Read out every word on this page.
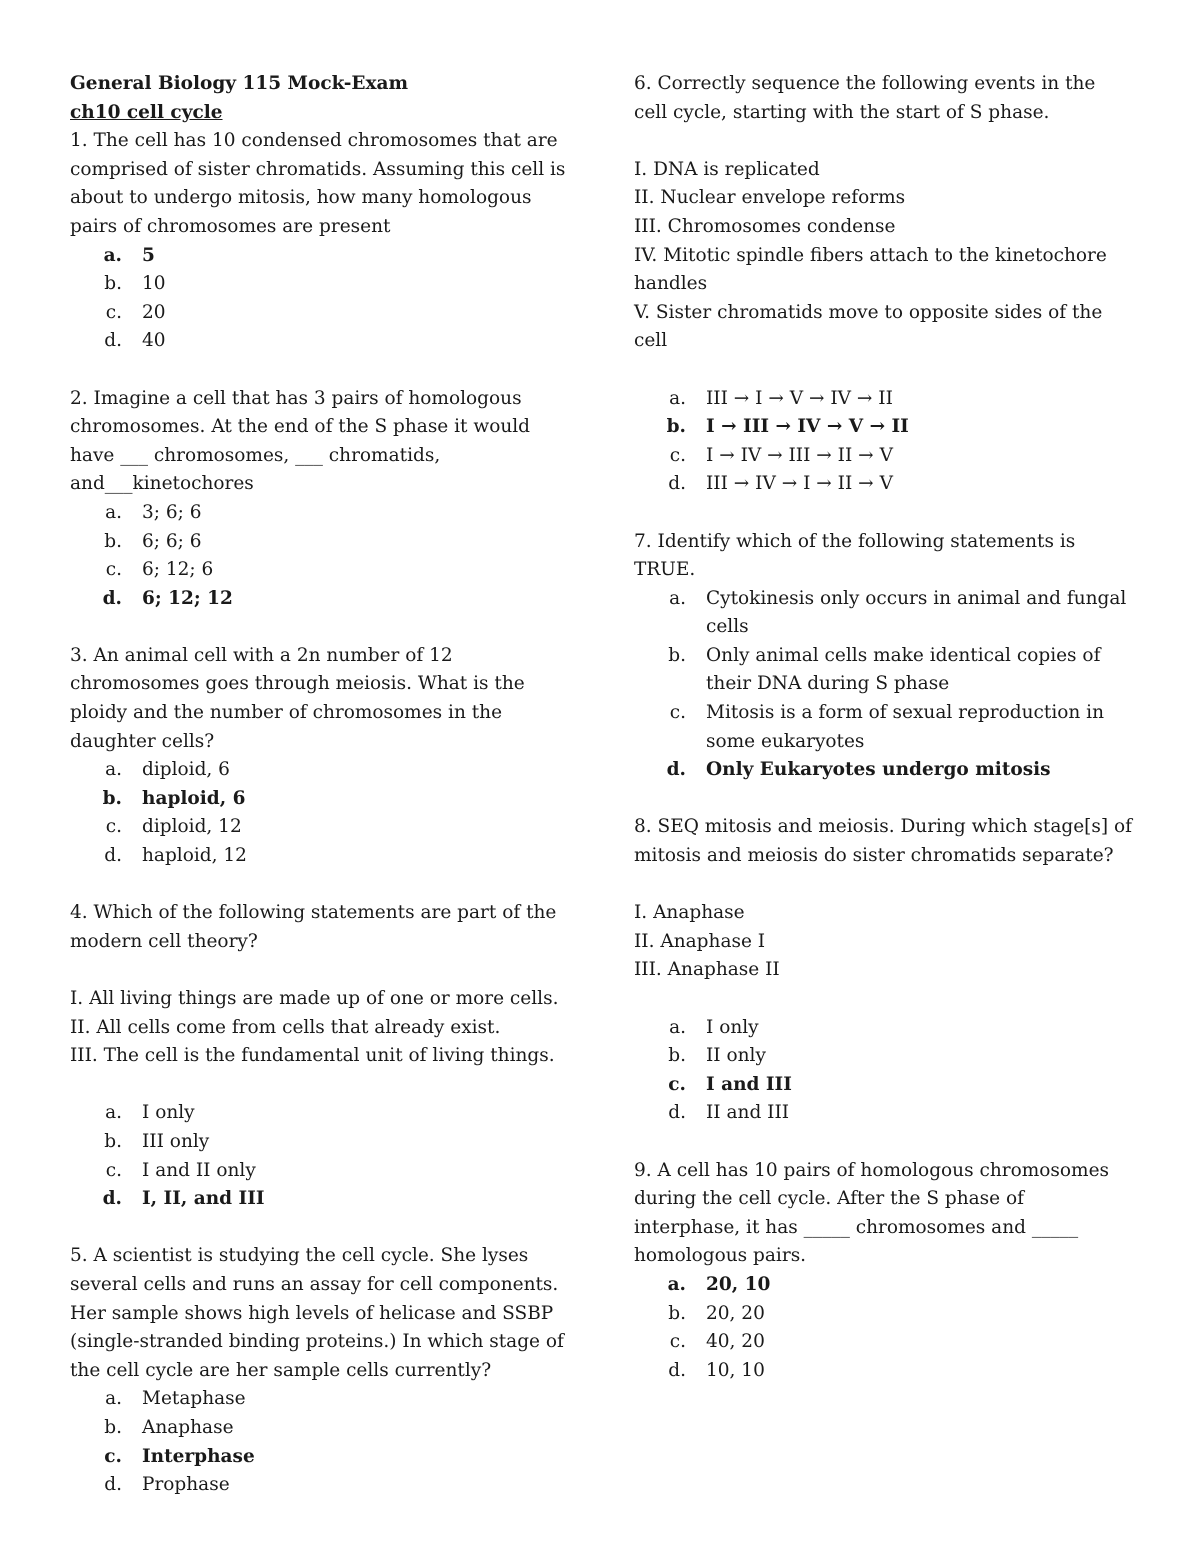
General Biology 115 Mock-Exam
ch10 cell cycle
1. The cell has 10 condensed chromosomes that are comprised of sister chromatids. Assuming this cell is about to undergo mitosis, how many homologous pairs of chromosomes are present
a.	5
b.	10
c.	20
d.	40
2. Imagine a cell that has 3 pairs of homologous chromosomes. At the end of the S phase it would have ___ chromosomes, ___ chromatids, and___kinetochores
a.	3; 6; 6
b.	6; 6; 6
c.	6; 12; 6
d.	6; 12; 12
3. An animal cell with a 2n number of 12 chromosomes goes through meiosis. What is the ploidy and the number of chromosomes in the daughter cells?
a.	diploid, 6
b.	haploid, 6
c.	diploid, 12
d.	haploid, 12
4. Which of the following statements are part of the modern cell theory?
I. All living things are made up of one or more cells.
II. All cells come from cells that already exist.
III. The cell is the fundamental unit of living things.
a.	I only
b.	III only
c.	I and II only
d.	I, II, and III
5. A scientist is studying the cell cycle. She lyses several cells and runs an assay for cell components. Her sample shows high levels of helicase and SSBP (single-stranded binding proteins.) In which stage of the cell cycle are her sample cells currently?
a.	Metaphase
b.	Anaphase
c.	Interphase
d.	Prophase
6. Correctly sequence the following events in the cell cycle, starting with the start of S phase.
I. DNA is replicated
II. Nuclear envelope reforms
III. Chromosomes condense
IV. Mitotic spindle fibers attach to the kinetochore handles
V. Sister chromatids move to opposite sides of the cell
a.	III → I → V → IV → II
b.	I → III → IV → V → II
c.	I → IV → III → II → V
d.	III → IV → I → II → V
7. Identify which of the following statements is TRUE.
a.	Cytokinesis only occurs in animal and fungal cells
b.	Only animal cells make identical copies of their DNA during S phase
c.	Mitosis is a form of sexual reproduction in some eukaryotes
d.	Only Eukaryotes undergo mitosis
8. SEQ mitosis and meiosis. During which stage[s] of mitosis and meiosis do sister chromatids separate?
I. Anaphase
II. Anaphase I
III. Anaphase II
a.	I only
b.	II only
c.	I and III
d.	II and III
9. A cell has 10 pairs of homologous chromosomes during the cell cycle. After the S phase of interphase, it has _____ chromosomes and _____ homologous pairs.
a.	20, 10
b.	20, 20
c.	40, 20
d.	10, 10
